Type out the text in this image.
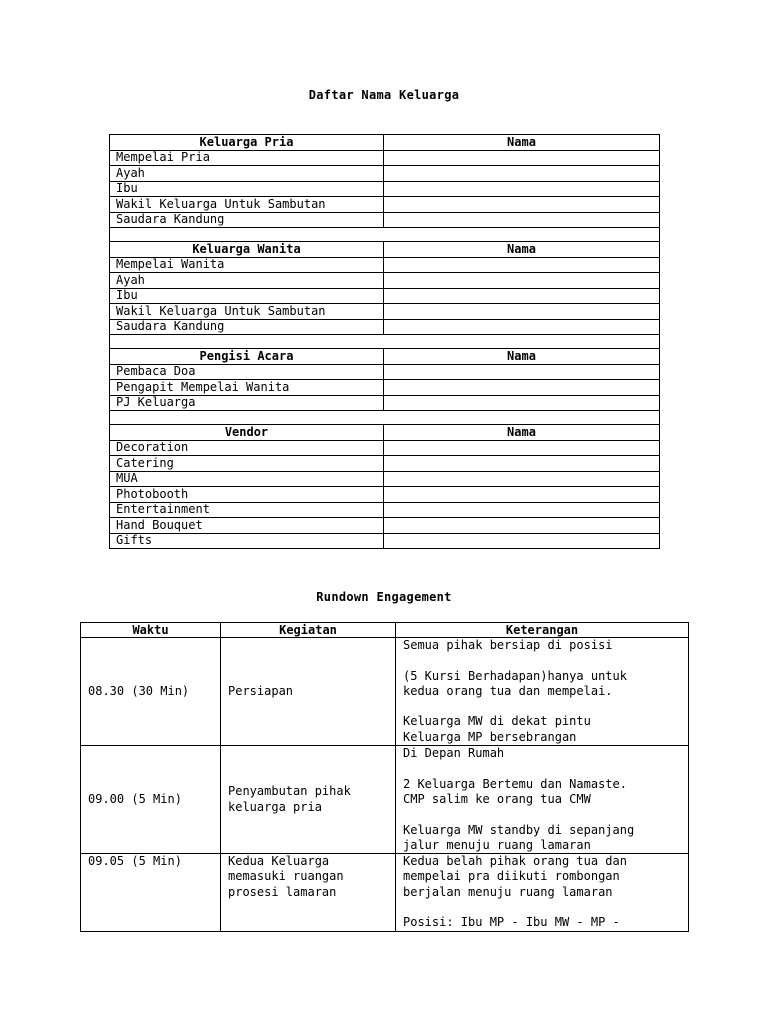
Daftar Nama Keluarga
Keluarga Pria	Nama
Mempelai Pria	
Ayah	
Ibu	
Wakil Keluarga Untuk Sambutan	
Saudara Kandung	

Keluarga Wanita	Nama
Mempelai Wanita	
Ayah	
Ibu	
Wakil Keluarga Untuk Sambutan	
Saudara Kandung	

Pengisi Acara	Nama
Pembaca Doa	
Pengapit Mempelai Wanita	
PJ Keluarga	

Vendor	Nama
Decoration	
Catering	
MUA	
Photobooth	
Entertainment	
Hand Bouquet	
Gifts	
Rundown Engagement
Waktu	Kegiatan	Keterangan
08.30 (30 Min)	Persiapan	Semua pihak bersiap di posisi

(5 Kursi Berhadapan)hanya untuk
kedua orang tua dan mempelai.

Keluarga MW di dekat pintu
Keluarga MP bersebrangan
09.00 (5 Min)	Penyambutan pihak
keluarga pria	Di Depan Rumah

2 Keluarga Bertemu dan Namaste.
CMP salim ke orang tua CMW

Keluarga MW standby di sepanjang
jalur menuju ruang lamaran
09.05 (5 Min)	Kedua Keluarga
memasuki ruangan
prosesi lamaran	Kedua belah pihak orang tua dan
mempelai pra diikuti rombongan
berjalan menuju ruang lamaran

Posisi: Ibu MP - Ibu MW - MP -
